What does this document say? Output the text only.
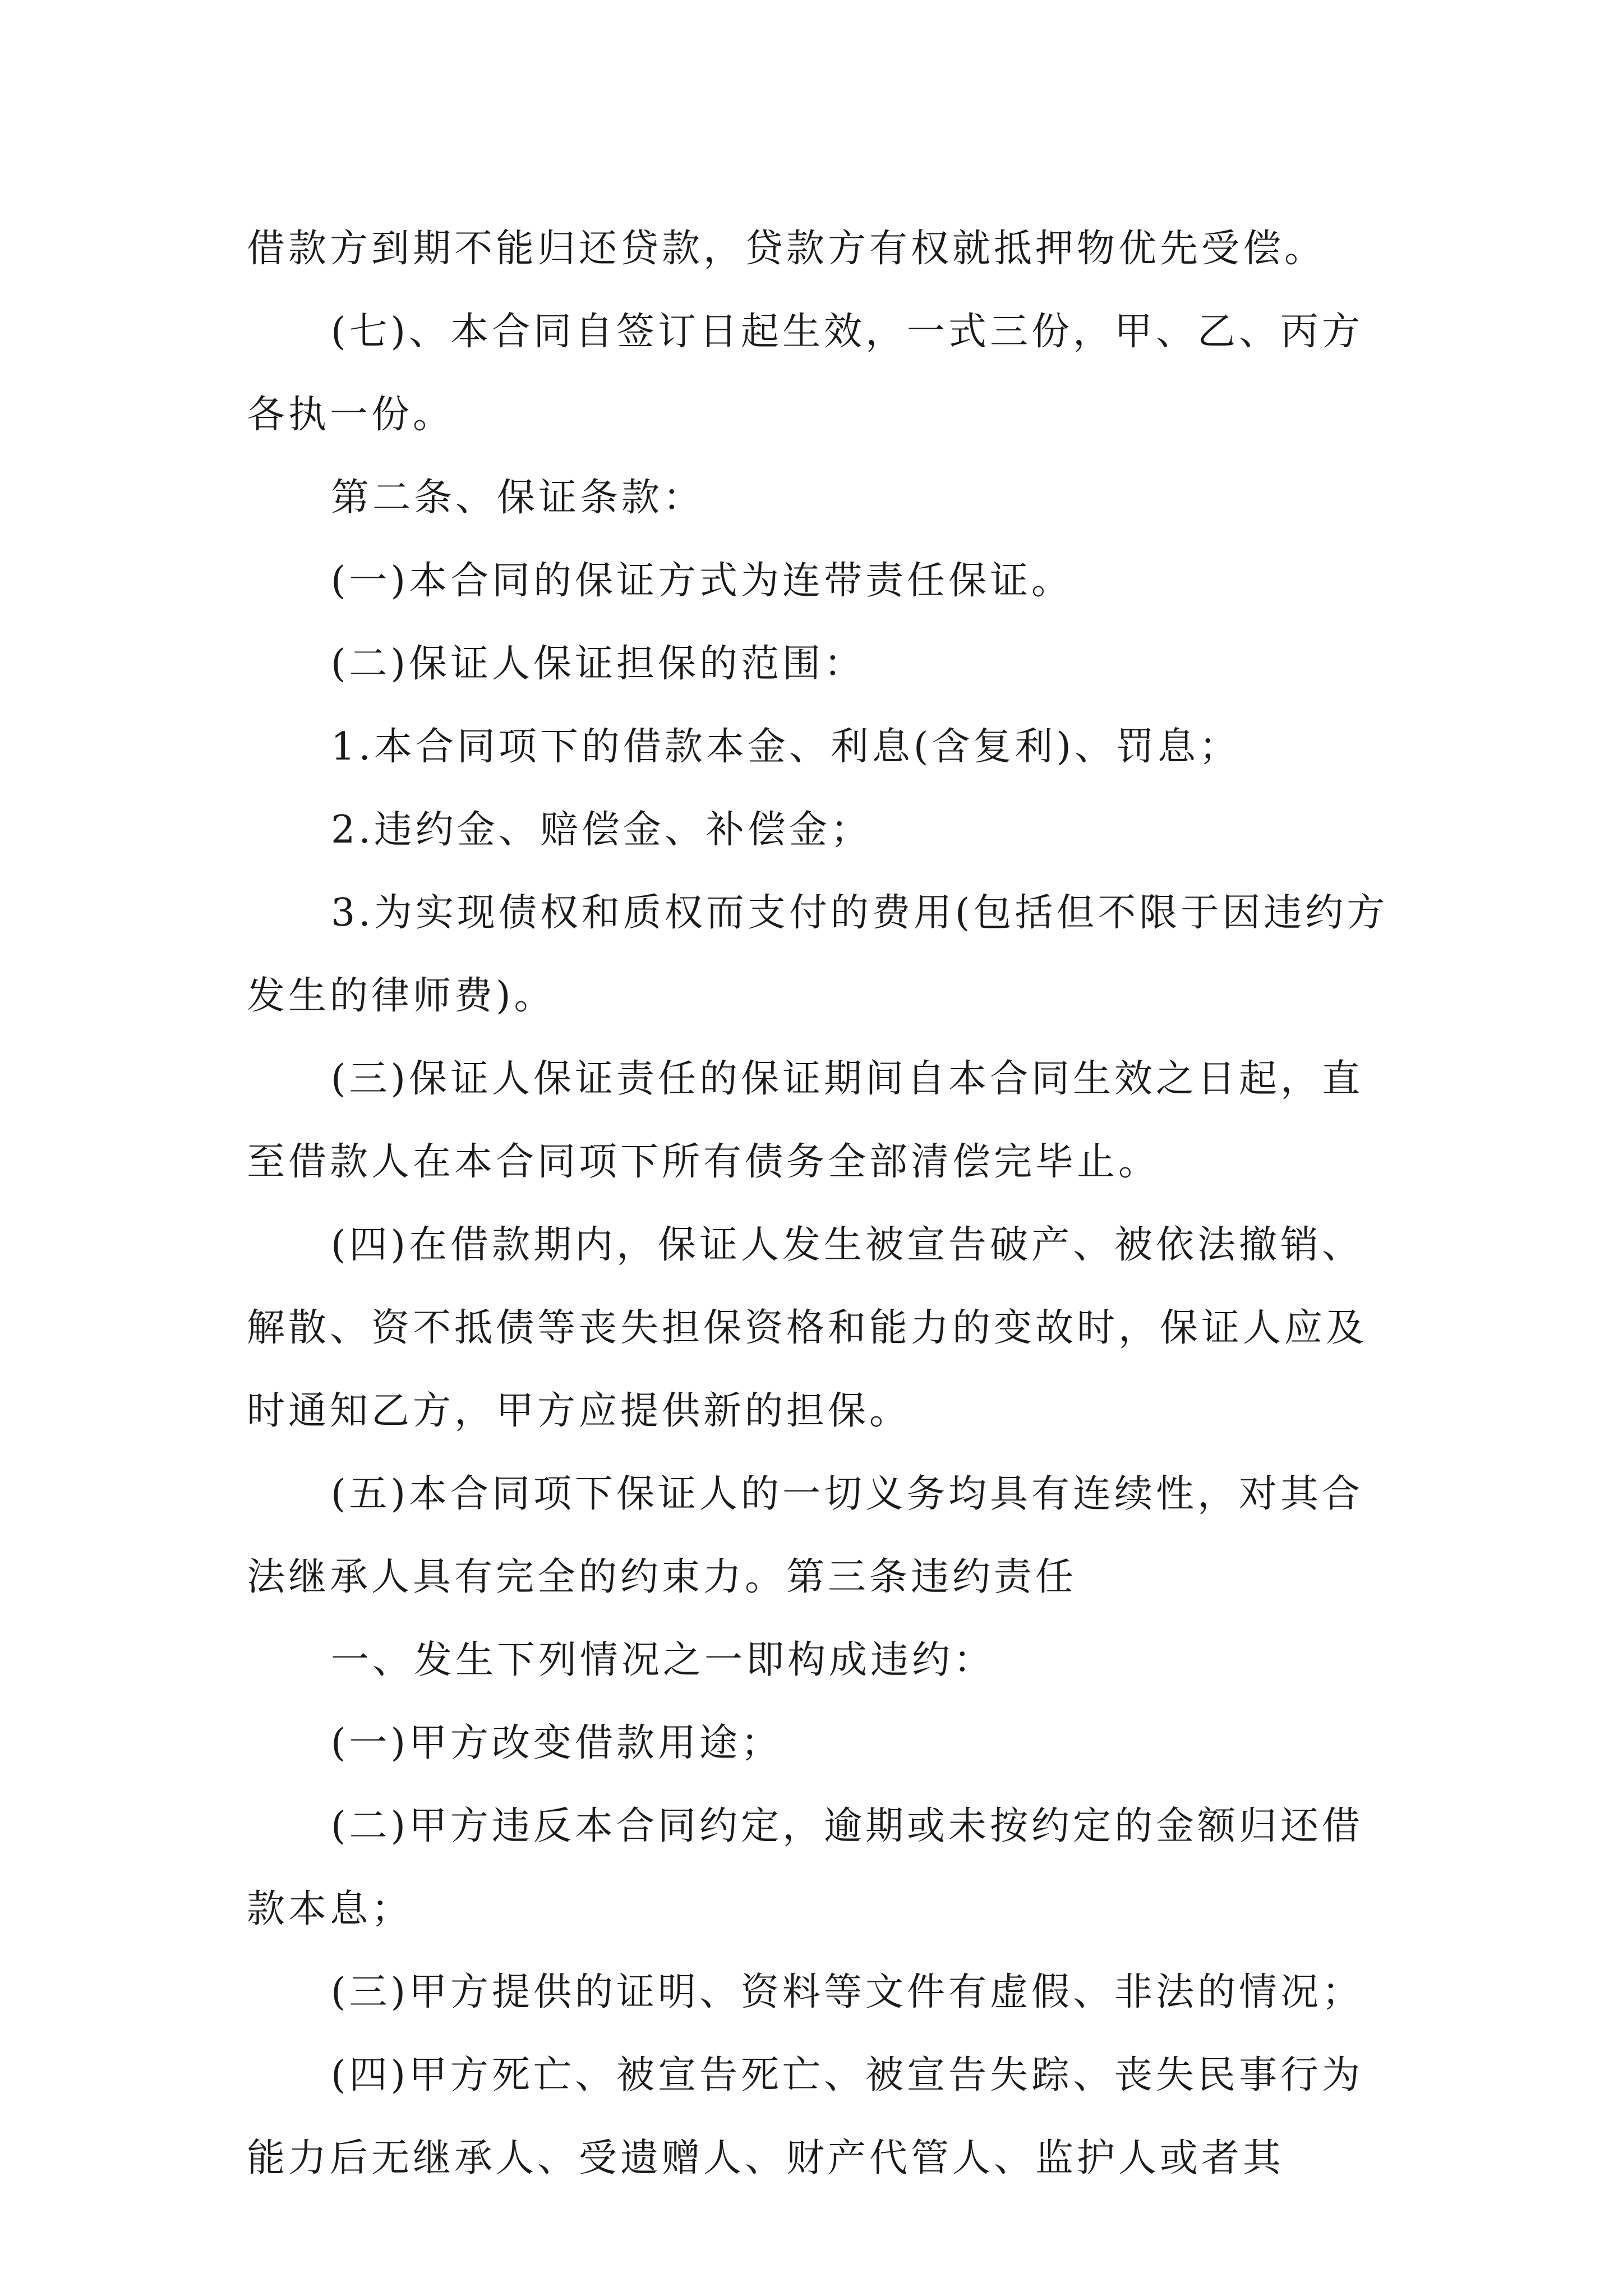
借款方到期不能归还贷款，贷款方有权就抵押物优先受偿。

(七)、本合同自签订日起生效，一式三份，甲、乙、丙方各执一份。

第二条、保证条款：

(一)本合同的保证方式为连带责任保证。

(二)保证人保证担保的范围：

1.本合同项下的借款本金、利息(含复利)、罚息；

2.违约金、赔偿金、补偿金；

3.为实现债权和质权而支付的费用(包括但不限于因违约方发生的律师费)。

(三)保证人保证责任的保证期间自本合同生效之日起，直至借款人在本合同项下所有债务全部清偿完毕止。

(四)在借款期内，保证人发生被宣告破产、被依法撤销、解散、资不抵债等丧失担保资格和能力的变故时，保证人应及时通知乙方，甲方应提供新的担保。

(五)本合同项下保证人的一切义务均具有连续性，对其合法继承人具有完全的约束力。第三条违约责任

一、发生下列情况之一即构成违约：

(一)甲方改变借款用途；

(二)甲方违反本合同约定，逾期或未按约定的金额归还借款本息；

(三)甲方提供的证明、资料等文件有虚假、非法的情况；

(四)甲方死亡、被宣告死亡、被宣告失踪、丧失民事行为能力后无继承人、受遗赠人、财产代管人、监护人或者其
